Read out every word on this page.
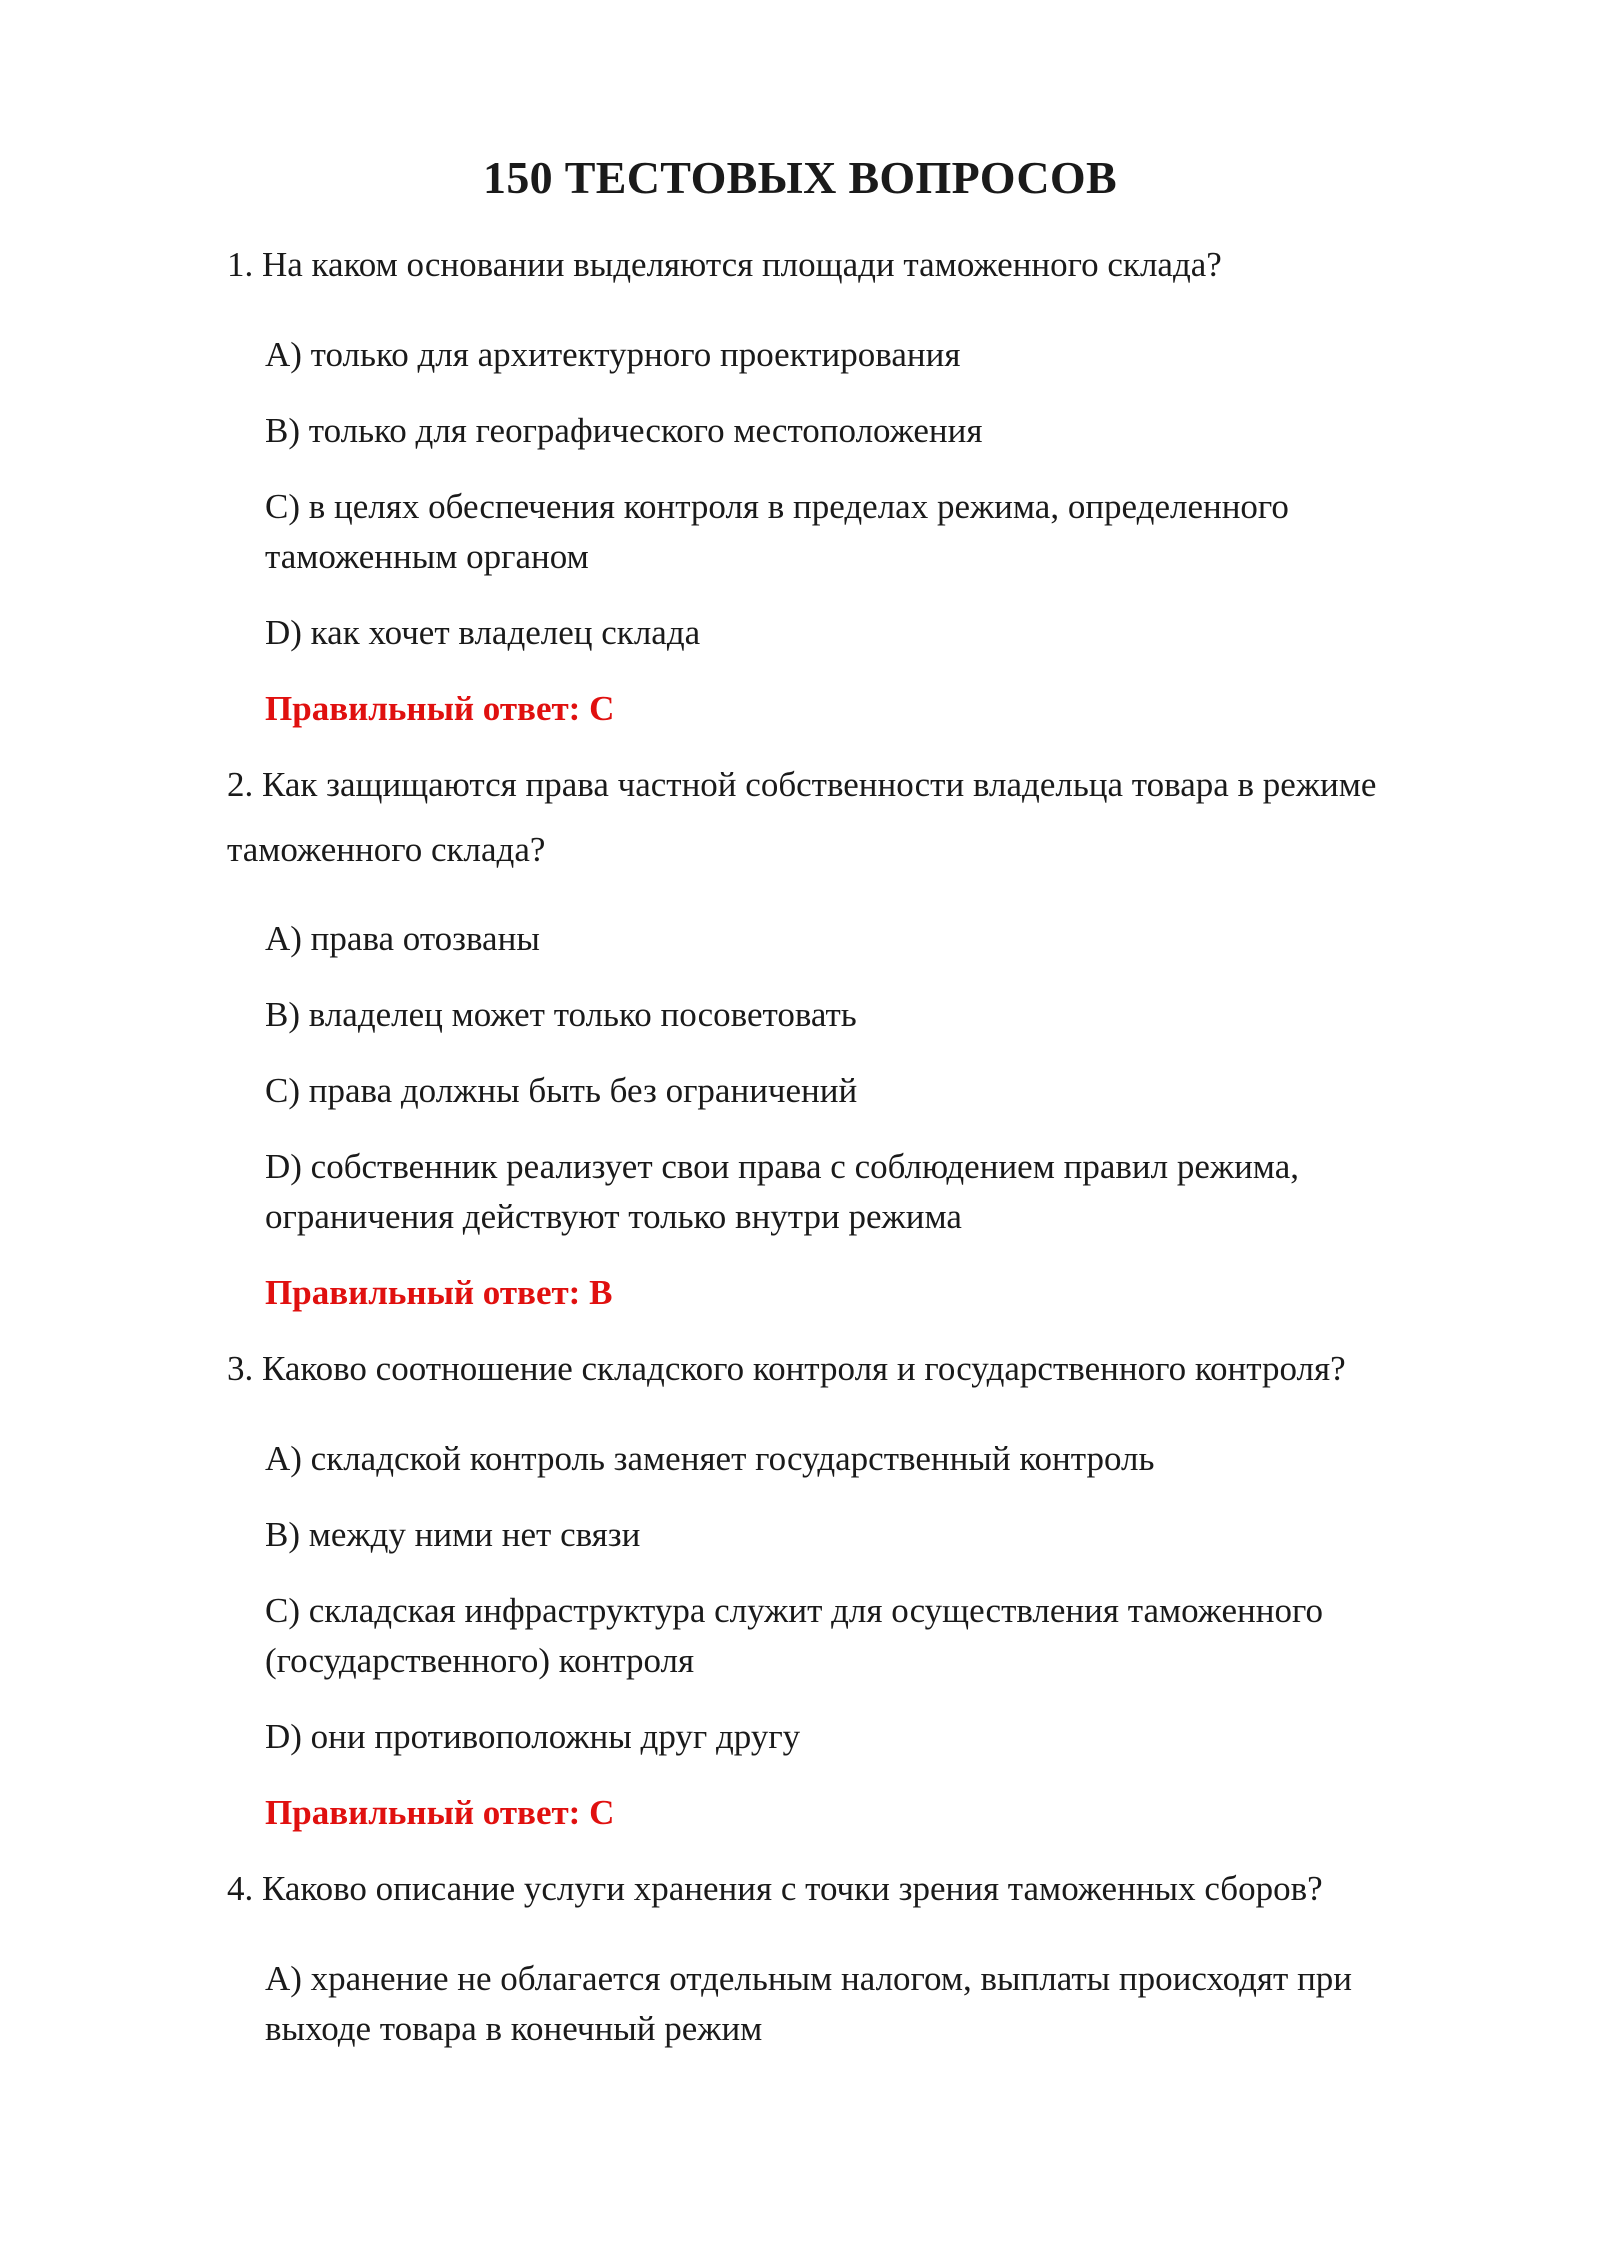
150 ТЕСТОВЫХ ВОПРОСОВ
1. На каком основании выделяются площади таможенного склада?
A) только для архитектурного проектирования
B) только для географического местоположения
C) в целях обеспечения контроля в пределах режима, определенного таможенным органом
D) как хочет владелец склада
Правильный ответ: C
2. Как защищаются права частной собственности владельца товара в режиме таможенного склада?
A) права отозваны
B) владелец может только посоветовать
C) права должны быть без ограничений
D) собственник реализует свои права с соблюдением правил режима, ограничения действуют только внутри режима
Правильный ответ: B
3. Каково соотношение складского контроля и государственного контроля?
A) складской контроль заменяет государственный контроль
B) между ними нет связи
C) складская инфраструктура служит для осуществления таможенного (государственного) контроля
D) они противоположны друг другу
Правильный ответ: C
4. Каково описание услуги хранения с точки зрения таможенных сборов?
A) хранение не облагается отдельным налогом, выплаты происходят при выходе товара в конечный режим
